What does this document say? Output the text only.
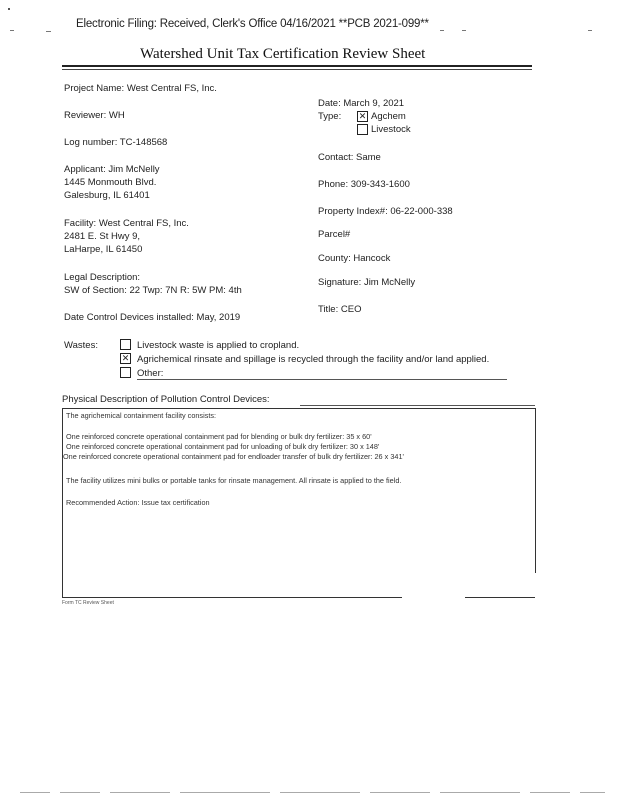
Electronic Filing: Received, Clerk's Office 04/16/2021 **PCB 2021-099**
Watershed Unit Tax Certification Review Sheet
Project Name: West Central FS, Inc.
Reviewer: WH
Log number: TC-148568
Applicant: Jim McNelly
1445 Monmouth Blvd.
Galesburg, IL 61401
Facility: West Central FS, Inc.
2481 E. St Hwy 9,
LaHarpe, IL 61450
Legal Description:
SW of Section: 22 Twp: 7N R: 5W PM: 4th
Date Control Devices installed: May, 2019
Date: March 9, 2021
Type: ✕ Agchem
Livestock
Contact: Same
Phone: 309-343-1600
Property Index#: 06-22-000-338
Parcel#
County: Hancock
Signature: Jim McNelly
Title: CEO
Wastes:	Livestock waste is applied to cropland.
✕ Agrichemical rinsate and spillage is recycled through the facility and/or land applied.
Other:
Physical Description of Pollution Control Devices:
The agrichemical containment facility consists:
One reinforced concrete operational containment pad for blending or bulk dry fertilizer: 35 x 60'
One reinforced concrete operational containment pad for unloading of bulk dry fertilizer: 30 x 148'
One reinforced concrete operational containment pad for endloader transfer of bulk dry fertilizer: 26 x 341'
The facility utilizes mini bulks or portable tanks for rinsate management. All rinsate is applied to the field.
Recommended Action: Issue tax certification
Form TC Review Sheet
